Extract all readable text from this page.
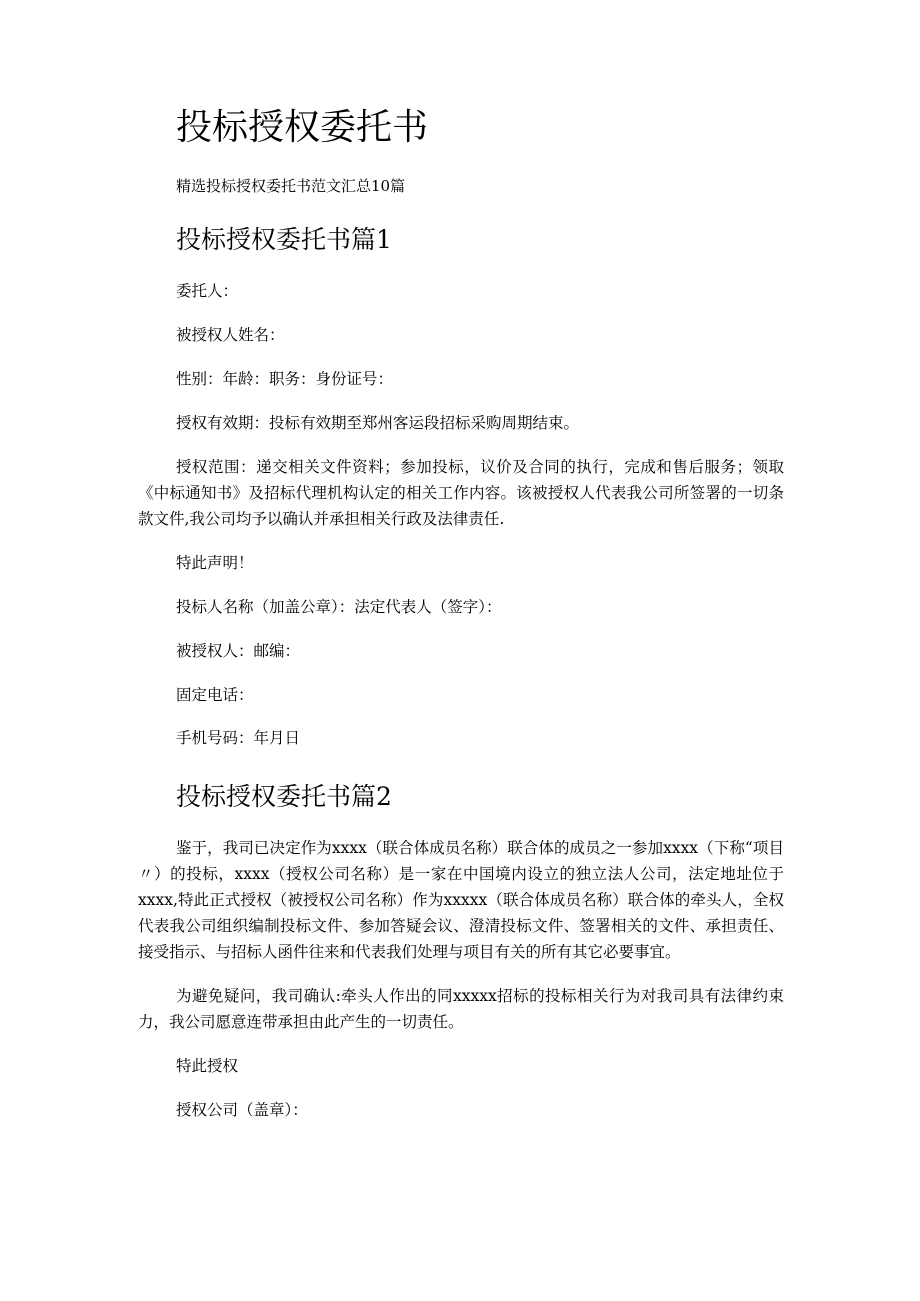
投标授权委托书

精选投标授权委托书范文汇总10篇

投标授权委托书篇1

委托人：

被授权人姓名：

性别：年龄：职务：身份证号：

授权有效期：投标有效期至郑州客运段招标采购周期结束。

授权范围：递交相关文件资料；参加投标，议价及合同的执行，完成和售后服务；领取《中标通知书》及招标代理机构认定的相关工作内容。该被授权人代表我公司所签署的一切条款文件,我公司均予以确认并承担相关行政及法律责任.

特此声明！

投标人名称（加盖公章）：法定代表人（签字）：

被授权人：邮编：

固定电话：

手机号码：年月日

投标授权委托书篇2

鉴于，我司已决定作为xxxx（联合体成员名称）联合体的成员之一参加xxxx（下称“项目〃）的投标，xxxx（授权公司名称）是一家在中国境内设立的独立法人公司，法定地址位于xxxx,特此正式授权（被授权公司名称）作为xxxxx（联合体成员名称）联合体的牵头人，全权代表我公司组织编制投标文件、参加答疑会议、澄清投标文件、签署相关的文件、承担责任、接受指示、与招标人函件往来和代表我们处理与项目有关的所有其它必要事宜。

为避免疑问，我司确认:牵头人作出的同xxxxx招标的投标相关行为对我司具有法律约束力，我公司愿意连带承担由此产生的一切责任。

特此授权

授权公司（盖章）：
